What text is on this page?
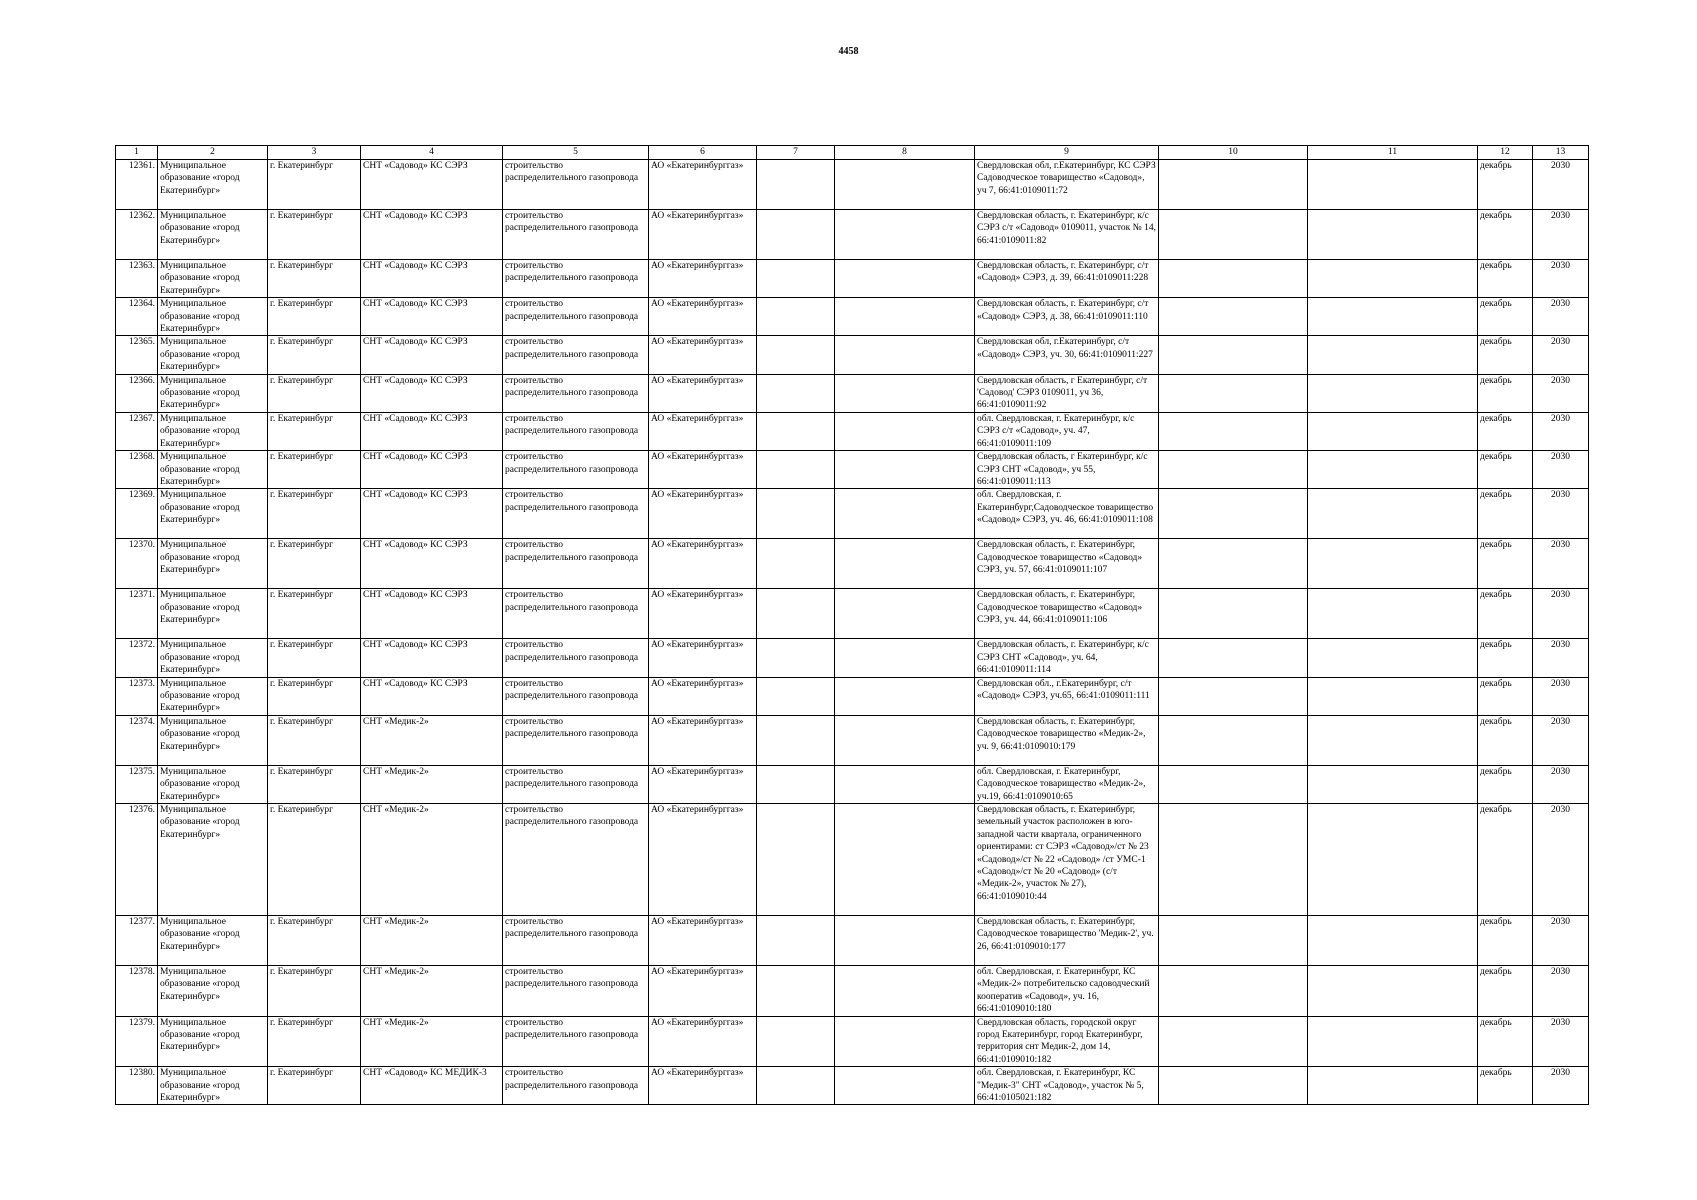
4458
1	2	3	4	5	6	7	8	9	10	11	12	13
12361.	Муниципальное образование «город Екатеринбург»	г. Екатеринбург	СНТ «Садовод» КС СЭРЗ	строительство распределительного газопровода	АО «Екатеринбурггаз»			Свердловская обл, г.Екатеринбург, КС СЭРЗ Садоводческое товарищество «Садовод», уч 7, 66:41:0109011:72			декабрь	2030
12362.	Муниципальное образование «город Екатеринбург»	г. Екатеринбург	СНТ «Садовод» КС СЭРЗ	строительство распределительного газопровода	АО «Екатеринбурггаз»			Свердловская область, г. Екатеринбург, к/с СЭРЗ с/т «Садовод» 0109011, участок № 14, 66:41:0109011:82			декабрь	2030
12363.	Муниципальное образование «город Екатеринбург»	г. Екатеринбург	СНТ «Садовод» КС СЭРЗ	строительство распределительного газопровода	АО «Екатеринбурггаз»			Свердловская область, г. Екатеринбург, с/т «Садовод» СЭРЗ, д. 39, 66:41:0109011:228			декабрь	2030
12364.	Муниципальное образование «город Екатеринбург»	г. Екатеринбург	СНТ «Садовод» КС СЭРЗ	строительство распределительного газопровода	АО «Екатеринбурггаз»			Свердловская область, г. Екатеринбург, с/т «Садовод» СЭРЗ, д. 38, 66:41:0109011:110			декабрь	2030
12365.	Муниципальное образование «город Екатеринбург»	г. Екатеринбург	СНТ «Садовод» КС СЭРЗ	строительство распределительного газопровода	АО «Екатеринбурггаз»			Свердловская обл, г.Екатеринбург, с/т «Садовод» СЭРЗ, уч. 30, 66:41:0109011:227			декабрь	2030
12366.	Муниципальное образование «город Екатеринбург»	г. Екатеринбург	СНТ «Садовод» КС СЭРЗ	строительство распределительного газопровода	АО «Екатеринбурггаз»			Свердловская область, г Екатеринбург, с/т 'Садовод' СЭРЗ 0109011, уч 36, 66:41:0109011:92			декабрь	2030
12367.	Муниципальное образование «город Екатеринбург»	г. Екатеринбург	СНТ «Садовод» КС СЭРЗ	строительство распределительного газопровода	АО «Екатеринбурггаз»			обл. Свердловская, г. Екатеринбург, к/с СЭРЗ с/т «Садовод», уч. 47, 66:41:0109011:109			декабрь	2030
12368.	Муниципальное образование «город Екатеринбург»	г. Екатеринбург	СНТ «Садовод» КС СЭРЗ	строительство распределительного газопровода	АО «Екатеринбурггаз»			Свердловская область, г Екатеринбург, к/с СЭРЗ СНТ «Садовод», уч 55, 66:41:0109011:113			декабрь	2030
12369.	Муниципальное образование «город Екатеринбург»	г. Екатеринбург	СНТ «Садовод» КС СЭРЗ	строительство распределительного газопровода	АО «Екатеринбурггаз»			обл. Свердловская, г. Екатеринбург,Садоводческое товарищество «Садовод» СЭРЗ, уч. 46, 66:41:0109011:108			декабрь	2030
12370.	Муниципальное образование «город Екатеринбург»	г. Екатеринбург	СНТ «Садовод» КС СЭРЗ	строительство распределительного газопровода	АО «Екатеринбурггаз»			Свердловская область, г. Екатеринбург, Садоводческое товарищество «Садовод» СЭРЗ, уч. 57, 66:41:0109011:107			декабрь	2030
12371.	Муниципальное образование «город Екатеринбург»	г. Екатеринбург	СНТ «Садовод» КС СЭРЗ	строительство распределительного газопровода	АО «Екатеринбурггаз»			Свердловская область, г. Екатеринбург, Садоводческое товарищество «Садовод» СЭРЗ, уч. 44, 66:41:0109011:106			декабрь	2030
12372.	Муниципальное образование «город Екатеринбург»	г. Екатеринбург	СНТ «Садовод» КС СЭРЗ	строительство распределительного газопровода	АО «Екатеринбурггаз»			Свердловская область, г. Екатеринбург, к/с СЭРЗ СНТ «Садовод», уч. 64, 66:41:0109011:114			декабрь	2030
12373.	Муниципальное образование «город Екатеринбург»	г. Екатеринбург	СНТ «Садовод» КС СЭРЗ	строительство распределительного газопровода	АО «Екатеринбурггаз»			Свердловская обл., г.Екатеринбург, с/т «Садовод» СЭРЗ, уч.65, 66:41:0109011:111			декабрь	2030
12374.	Муниципальное образование «город Екатеринбург»	г. Екатеринбург	СНТ «Медик-2»	строительство распределительного газопровода	АО «Екатеринбурггаз»			Свердловская область, г. Екатеринбург, Садоводческое товарищество «Медик-2», уч. 9, 66:41:0109010:179			декабрь	2030
12375.	Муниципальное образование «город Екатеринбург»	г. Екатеринбург	СНТ «Медик-2»	строительство распределительного газопровода	АО «Екатеринбурггаз»			обл. Свердловская, г. Екатеринбург, Садоводческое товарищество «Медик-2», уч.19, 66:41:0109010:65			декабрь	2030
12376.	Муниципальное образование «город Екатеринбург»	г. Екатеринбург	СНТ «Медик-2»	строительство распределительного газопровода	АО «Екатеринбурггаз»			Свердловская область, г. Екатеринбург, земельный участок расположен в юго-западной части квартала, ограниченного ориентирами: ст СЭРЗ «Садовод»/ст № 23 «Садовод»/ст № 22 «Садовод» /ст УМС-1 «Садовод»/ст № 20 «Садовод» (с/т «Медик-2», участок № 27), 66:41:0109010:44			декабрь	2030
12377.	Муниципальное образование «город Екатеринбург»	г. Екатеринбург	СНТ «Медик-2»	строительство распределительного газопровода	АО «Екатеринбурггаз»			Свердловская область, г. Екатеринбург, Садоводческое товарищество 'Медик-2', уч. 26, 66:41:0109010:177			декабрь	2030
12378.	Муниципальное образование «город Екатеринбург»	г. Екатеринбург	СНТ «Медик-2»	строительство распределительного газопровода	АО «Екатеринбурггаз»			обл. Свердловская, г. Екатеринбург, КС «Медик-2» потребительско садоводческий кооператив «Садовод», уч. 16, 66:41:0109010:180			декабрь	2030
12379.	Муниципальное образование «город Екатеринбург»	г. Екатеринбург	СНТ «Медик-2»	строительство распределительного газопровода	АО «Екатеринбурггаз»			Свердловская область, городской округ город Екатеринбург, город Екатеринбург, территория снт Медик-2, дом 14, 66:41:0109010:182			декабрь	2030
12380.	Муниципальное образование «город Екатеринбург»	г. Екатеринбург	СНТ «Садовод» КС МЕДИК-3	строительство распределительного газопровода	АО «Екатеринбурггаз»			обл. Свердловская, г. Екатеринбург, КС "Медик-3" СНТ «Садовод», участок № 5, 66:41:0105021:182			декабрь	2030
